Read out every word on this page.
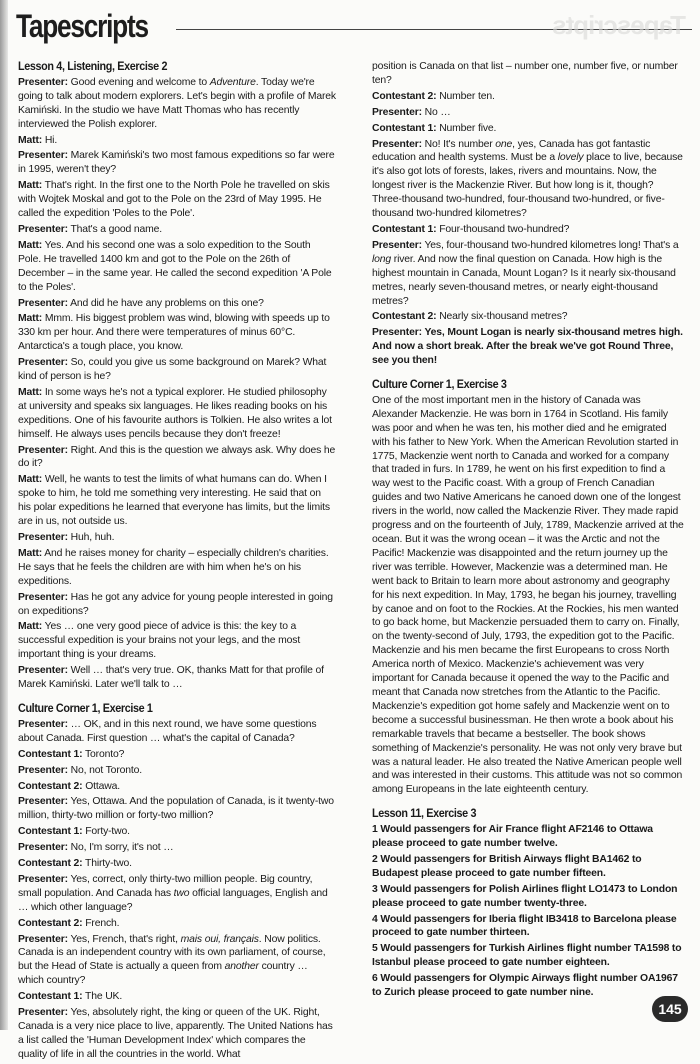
Tapescripts	Tapescripts
Lesson 4, Listening, Exercise 2

Presenter: Good evening and welcome to Adventure. Today we're going to talk about modern explorers. Let's begin with a profile of Marek Kamiński. In the studio we have Matt Thomas who has recently interviewed the Polish explorer.

Matt: Hi.

Presenter: Marek Kamiński's two most famous expeditions so far were in 1995, weren't they?

Matt: That's right. In the first one to the North Pole he travelled on skis with Wojtek Moskal and got to the Pole on the 23rd of May 1995. He called the expedition 'Poles to the Pole'.

Presenter: That's a good name.

Matt: Yes. And his second one was a solo expedition to the South Pole. He travelled 1400 km and got to the Pole on the 26th of December – in the same year. He called the second expedition 'A Pole to the Poles'.

Presenter: And did he have any problems on this one?

Matt: Mmm. His biggest problem was wind, blowing with speeds up to 330 km per hour. And there were temperatures of minus 60°C. Antarctica's a tough place, you know.

Presenter: So, could you give us some background on Marek? What kind of person is he?

Matt: In some ways he's not a typical explorer. He studied philosophy at university and speaks six languages. He likes reading books on his expeditions. One of his favourite authors is Tolkien. He also writes a lot himself. He always uses pencils because they don't freeze!

Presenter: Right. And this is the question we always ask. Why does he do it?

Matt: Well, he wants to test the limits of what humans can do. When I spoke to him, he told me something very interesting. He said that on his polar expeditions he learned that everyone has limits, but the limits are in us, not outside us.

Presenter: Huh, huh.

Matt: And he raises money for charity – especially children's charities. He says that he feels the children are with him when he's on his expeditions.

Presenter: Has he got any advice for young people interested in going on expeditions?

Matt: Yes … one very good piece of advice is this: the key to a successful expedition is your brains not your legs, and the most important thing is your dreams.

Presenter: Well … that's very true. OK, thanks Matt for that profile of Marek Kamiński. Later we'll talk to …

Culture Corner 1, Exercise 1

Presenter: … OK, and in this next round, we have some questions about Canada. First question … what's the capital of Canada?

Contestant 1: Toronto?

Presenter: No, not Toronto.

Contestant 2: Ottawa.

Presenter: Yes, Ottawa. And the population of Canada, is it twenty-two million, thirty-two million or forty-two million?

Contestant 1: Forty-two.

Presenter: No, I'm sorry, it's not …

Contestant 2: Thirty-two.

Presenter: Yes, correct, only thirty-two million people. Big country, small population. And Canada has two official languages, English and … which other language?

Contestant 2: French.

Presenter: Yes, French, that's right, mais oui, français. Now politics. Canada is an independent country with its own parliament, of course, but the Head of State is actually a queen from another country … which country?

Contestant 1: The UK.

Presenter: Yes, absolutely right, the king or queen of the UK. Right, Canada is a very nice place to live, apparently. The United Nations has a list called the 'Human Development Index' which compares the quality of life in all the countries in the world. What

position is Canada on that list – number one, number five, or number ten?

Contestant 2: Number ten.

Presenter: No …

Contestant 1: Number five.

Presenter: No! It's number one, yes, Canada has got fantastic education and health systems. Must be a lovely place to live, because it's also got lots of forests, lakes, rivers and mountains. Now, the longest river is the Mackenzie River. But how long is it, though? Three-thousand two-hundred, four-thousand two-hundred, or five-thousand two-hundred kilometres?

Contestant 1: Four-thousand two-hundred?

Presenter: Yes, four-thousand two-hundred kilometres long! That's a long river. And now the final question on Canada. How high is the highest mountain in Canada, Mount Logan? Is it nearly six-thousand metres, nearly seven-thousand metres, or nearly eight-thousand metres?

Contestant 2: Nearly six-thousand metres?

Presenter: Yes, Mount Logan is nearly six-thousand metres high. And now a short break. After the break we've got Round Three, see you then!

Culture Corner 1, Exercise 3

One of the most important men in the history of Canada was Alexander Mackenzie. He was born in 1764 in Scotland. His family was poor and when he was ten, his mother died and he emigrated with his father to New York. When the American Revolution started in 1775, Mackenzie went north to Canada and worked for a company that traded in furs. In 1789, he went on his first expedition to find a way west to the Pacific coast. With a group of French Canadian guides and two Native Americans he canoed down one of the longest rivers in the world, now called the Mackenzie River. They made rapid progress and on the fourteenth of July, 1789, Mackenzie arrived at the ocean. But it was the wrong ocean – it was the Arctic and not the Pacific! Mackenzie was disappointed and the return journey up the river was terrible. However, Mackenzie was a determined man. He went back to Britain to learn more about astronomy and geography for his next expedition. In May, 1793, he began his journey, travelling by canoe and on foot to the Rockies. At the Rockies, his men wanted to go back home, but Mackenzie persuaded them to carry on. Finally, on the twenty-second of July, 1793, the expedition got to the Pacific. Mackenzie and his men became the first Europeans to cross North America north of Mexico. Mackenzie's achievement was very important for Canada because it opened the way to the Pacific and meant that Canada now stretches from the Atlantic to the Pacific. Mackenzie's expedition got home safely and Mackenzie went on to become a successful businessman. He then wrote a book about his remarkable travels that became a bestseller. The book shows something of Mackenzie's personality. He was not only very brave but was a natural leader. He also treated the Native American people well and was interested in their customs. This attitude was not so common among Europeans in the late eighteenth century.

Lesson 11, Exercise 3

1 Would passengers for Air France flight AF2146 to Ottawa please proceed to gate number twelve.

2 Would passengers for British Airways flight BA1462 to Budapest please proceed to gate number fifteen.

3 Would passengers for Polish Airlines flight LO1473 to London please proceed to gate number twenty-three.

4 Would passengers for Iberia flight IB3418 to Barcelona please proceed to gate number thirteen.

5 Would passengers for Turkish Airlines flight number TA1598 to Istanbul please proceed to gate number eighteen.

6 Would passengers for Olympic Airways flight number OA1967 to Zurich please proceed to gate number nine.

145
